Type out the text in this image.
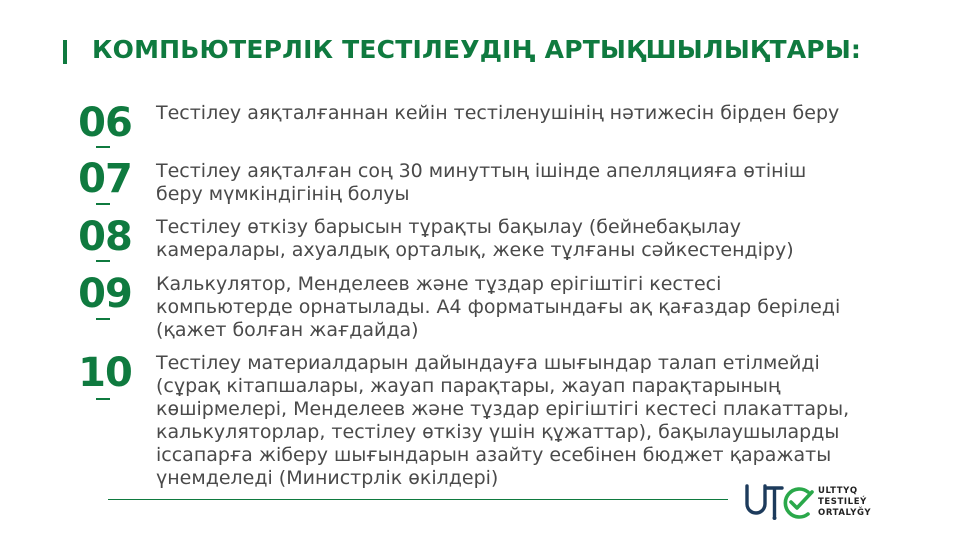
КОМПЬЮТЕРЛІК ТЕСТІЛЕУДІҢ АРТЫҚШЫЛЫҚТАРЫ:
06 Тестілеу аяқталғаннан кейін тестіленушінің нәтижесін бірден беру
07 Тестілеу аяқталған соң 30 минуттың ішінде апелляцияға өтініш
беру мүмкіндігінің болуы
08 Тестілеу өткізу барысын тұрақты бақылау (бейнебақылау
камералары, ахуалдық орталық, жеке тұлғаны сәйкестендіру)
09 Калькулятор, Менделеев және тұздар ерігіштігі кестесі
компьютерде орнатылады. А4 форматындағы ақ қағаздар беріледі
(қажет болған жағдайда)
10 Тестілеу материалдарын дайындауға шығындар талап етілмейді
(сұрақ кітапшалары, жауап парақтары, жауап парақтарының
көшірмелері, Менделеев және тұздар ерігіштігі кестесі плакаттары,
калькуляторлар, тестілеу өткізу үшін құжаттар), бақылаушыларды
іссапарға жіберу шығындарын азайту есебінен бюджет қаражаты
үнемделеді (Министрлік өкілдері)
ULTTYQ
TESTILEÝ
ORTALYĞY
